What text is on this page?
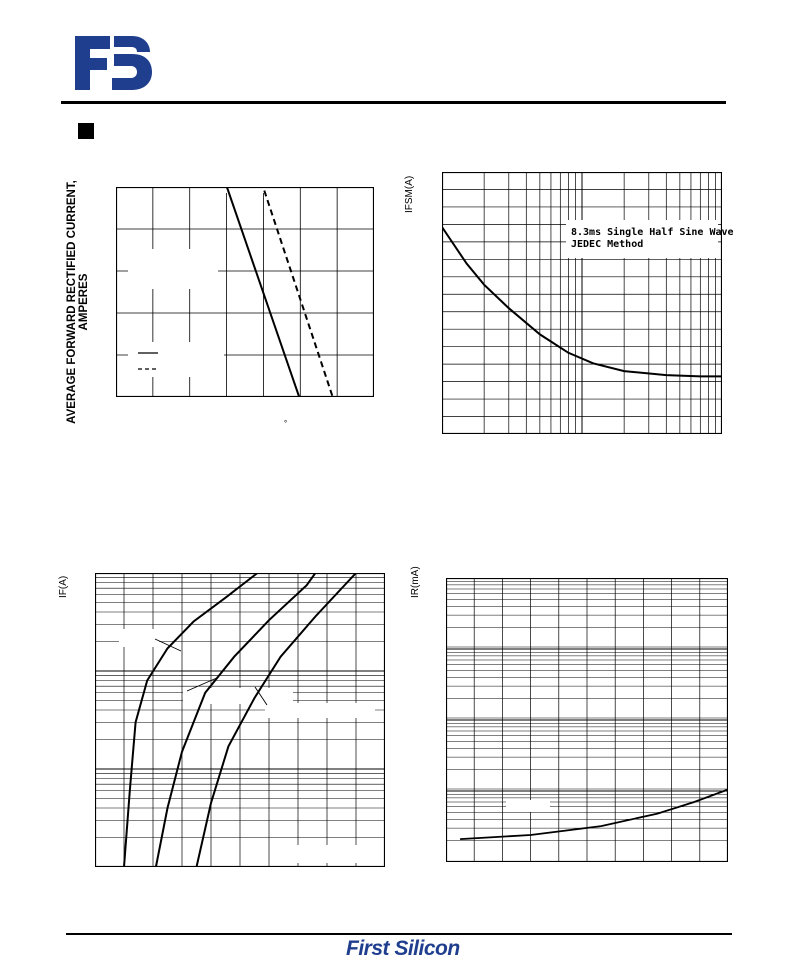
AVERAGE FORWARD RECTIFIED CURRENT, AMPERES
°
IFSM(A)
8.3ms Single Half Sine Wave
JEDEC Method
IF(A)	IR(mA)
First Silicon
